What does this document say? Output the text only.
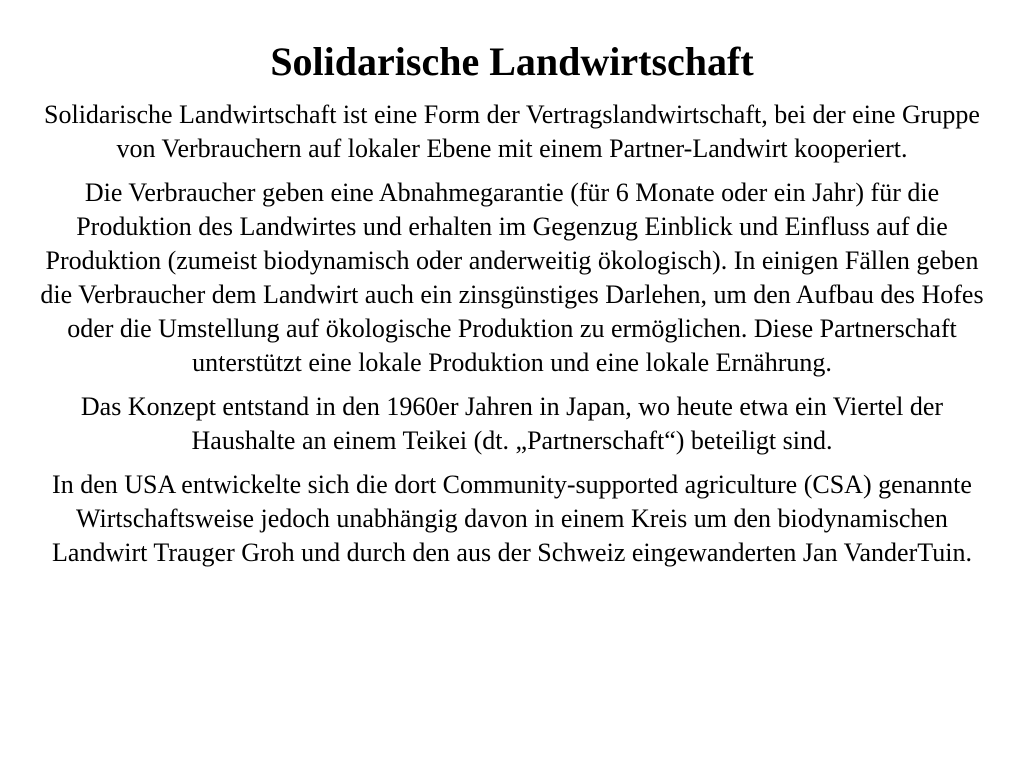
Solidarische Landwirtschaft

Solidarische Landwirtschaft ist eine Form der Vertragslandwirtschaft, bei der eine Gruppe von Verbrauchern auf lokaler Ebene mit einem Partner-Landwirt kooperiert.

Die Verbraucher geben eine Abnahmegarantie (für 6 Monate oder ein Jahr) für die Produktion des Landwirtes und erhalten im Gegenzug Einblick und Einfluss auf die Produktion (zumeist biodynamisch oder anderweitig ökologisch). In einigen Fällen geben die Verbraucher dem Landwirt auch ein zinsgünstiges Darlehen, um den Aufbau des Hofes oder die Umstellung auf ökologische Produktion zu ermöglichen. Diese Partnerschaft unterstützt eine lokale Produktion und eine lokale Ernährung.

Das Konzept entstand in den 1960er Jahren in Japan, wo heute etwa ein Viertel der Haushalte an einem Teikei (dt. „Partnerschaft“) beteiligt sind.

In den USA entwickelte sich die dort Community-supported agriculture (CSA) genannte Wirtschaftsweise jedoch unabhängig davon in einem Kreis um den biodynamischen Landwirt Trauger Groh und durch den aus der Schweiz eingewanderten Jan VanderTuin.
